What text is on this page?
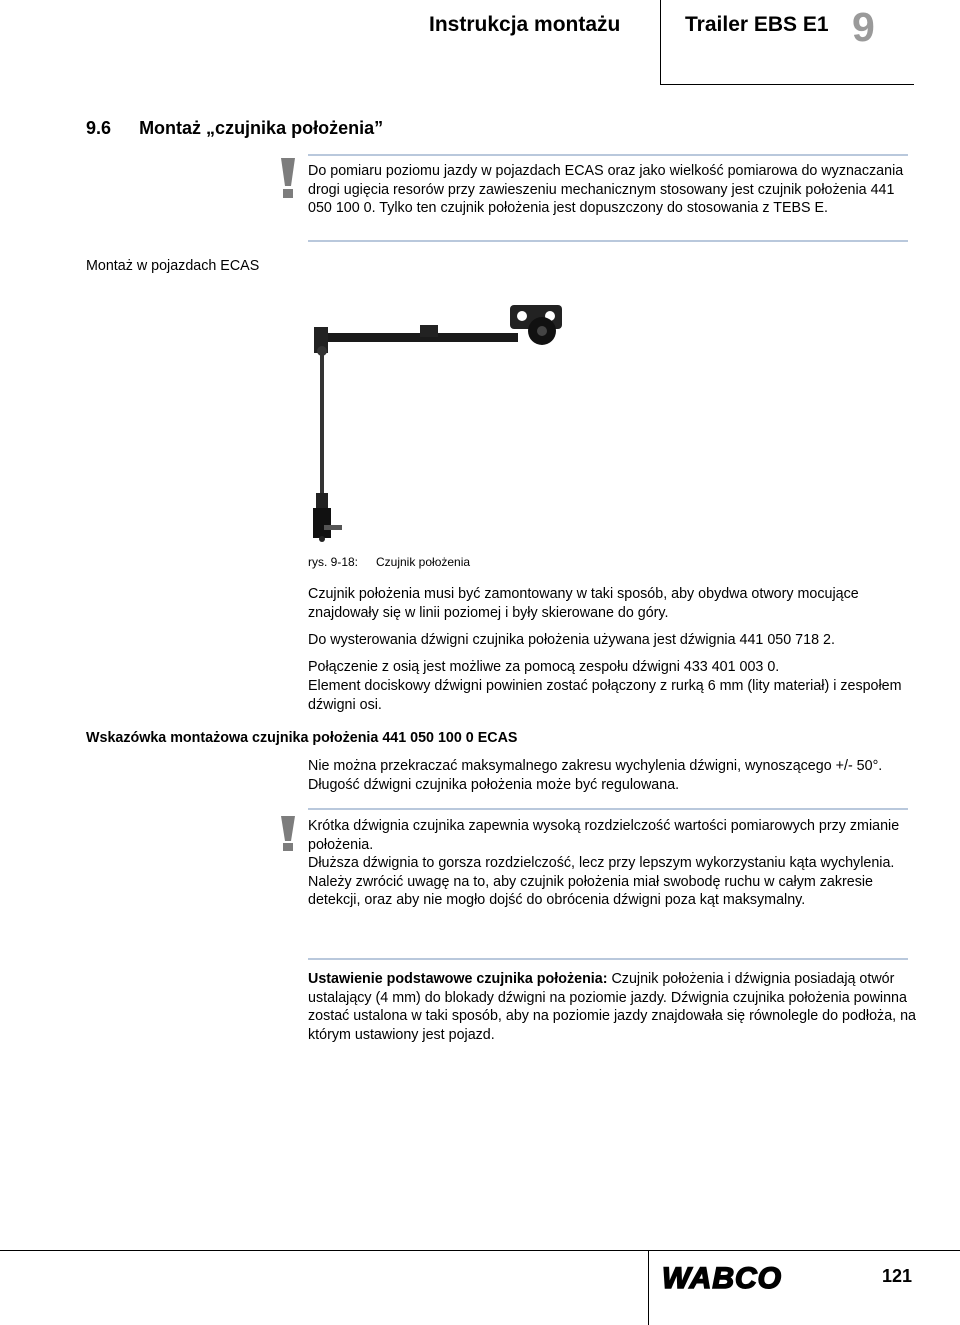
Instrukcja montażu	Trailer EBS E1 9
9.6 Montaż „czujnika położenia”
Do pomiaru poziomu jazdy w pojazdach ECAS oraz jako wielkość pomiarowa do wyznaczania drogi ugięcia resorów przy zawieszeniu mechanicznym stosowany jest czujnik położenia 441 050 100 0. Tylko ten czujnik położenia jest dopuszczony do stosowania z TEBS E.
Montaż w pojazdach ECAS
rys. 9-18: Czujnik położenia

Czujnik położenia musi być zamontowany w taki sposób, aby obydwa otwory mocujące znajdowały się w linii poziomej i były skierowane do góry.

Do wysterowania dźwigni czujnika położenia używana jest dźwignia 441 050 718 2.

Połączenie z osią jest możliwe za pomocą zespołu dźwigni 433 401 003 0.

Element dociskowy dźwigni powinien zostać połączony z rurką 6 mm (lity materiał) i zespołem dźwigni osi.

Wskazówka montażowa czujnika położenia 441 050 100 0 ECAS

Nie można przekraczać maksymalnego zakresu wychylenia dźwigni, wynoszącego +/- 50°. Długość dźwigni czujnika położenia może być regulowana.

Krótka dźwignia czujnika zapewnia wysoką rozdzielczość wartości pomiarowych przy zmianie położenia.

Dłuższa dźwignia to gorsza rozdzielczość, lecz przy lepszym wykorzystaniu kąta wychylenia.

Należy zwrócić uwagę na to, aby czujnik położenia miał swobodę ruchu w całym zakresie detekcji, oraz aby nie mogło dojść do obrócenia dźwigni poza kąt maksymalny.

Ustawienie podstawowe czujnika położenia: Czujnik położenia i dźwignia posiadają otwór ustalający (4 mm) do blokady dźwigni na poziomie jazdy. Dźwignia czujnika położenia powinna zostać ustalona w taki sposób, aby na poziomie jazdy znajdowała się równolegle do podłoża, na którym ustawiony jest pojazd.

WABCO	121
